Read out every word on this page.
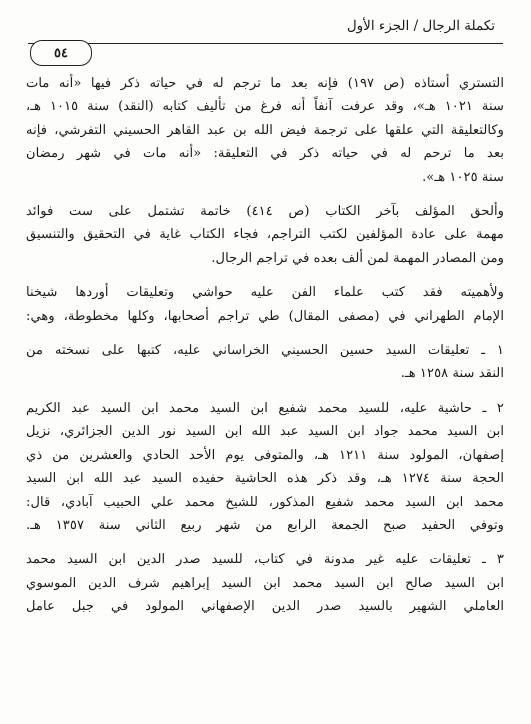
تكملة الرجال / الجزء الأول
٥٤

التستري أستاذه (ص ١٩٧) فإنه بعد ما ترجم له في حياته ذكر فيها «أنه مات
سنة ١٠٢١ هـ»، وقد عرفت آنفاً أنه فرغ من تأليف كتابه (النقد) سنة ١٠١٥ هـ،
وكالتعليقة التي علقها على ترجمة فيض الله بن عبد القاهر الحسيني التفرشي، فإنه
بعد ما ترحم له في حياته ذكر في التعليقة: «أنه مات في شهر رمضان
سنة ١٠٢٥ هـ».

وألحق المؤلف بآخر الكتاب (ص ٤١٤) خاتمة تشتمل على ست فوائد
مهمة على عادة المؤلفين لكتب التراجم، فجاء الكتاب غاية في التحقيق والتنسيق
ومن المصادر المهمة لمن ألف بعده في تراجم الرجال.

ولأهميته فقد كتب علماء الفن عليه حواشي وتعليقات أوردها شيخنا
الإمام الطهراني في (مصفى المقال) طي تراجم أصحابها، وكلها مخطوطة، وهي:

١ ـ تعليقات السيد حسين الحسيني الخراساني عليه، كتبها على نسخته من
النقد سنة ١٢٥٨ هـ.

٢ ـ حاشية عليه، للسيد محمد شفيع ابن السيد محمد ابن السيد عبد الكريم
ابن السيد محمد جواد ابن السيد عبد الله ابن السيد نور الدين الجزائري، نزيل
إصفهان، المولود سنة ١٢١١ هـ، والمتوفى يوم الأحد الحادي والعشرين من ذي
الحجة سنة ١٢٧٤ هـ، وقد ذكر هذه الحاشية حفيده السيد عبد الله ابن السيد
محمد ابن السيد محمد شفيع المذكور، للشيخ محمد علي الحبيب آبادي، قال:
وتوفي الحفيد صبح الجمعة الرابع من شهر ربيع الثاني سنة ١٣٥٧ هـ.

٣ ـ تعليقات عليه غير مدونة في كتاب، للسيد صدر الدين ابن السيد محمد
ابن السيد صالح ابن السيد محمد ابن السيد إبراهيم شرف الدين الموسوي
العاملي الشهير بالسيد صدر الدين الإصفهاني المولود في جبل عامل
